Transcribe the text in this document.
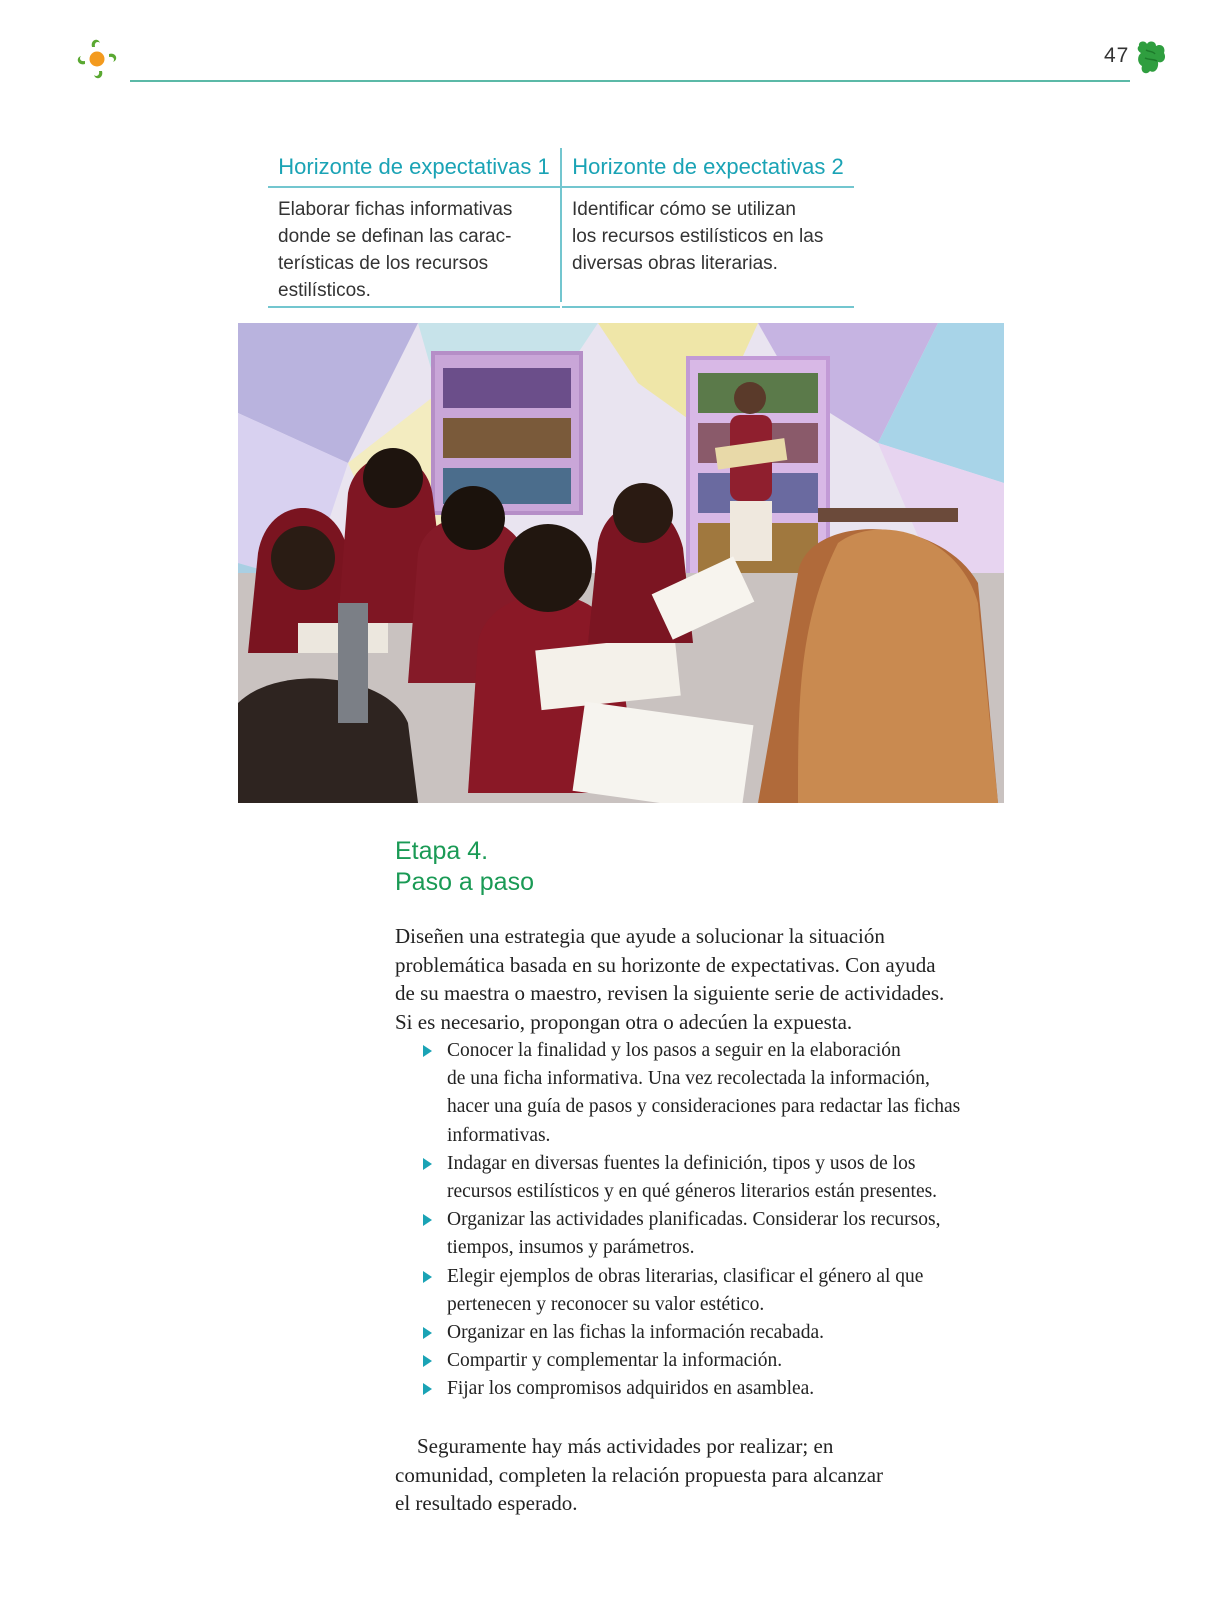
47
Horizonte de expectativas 1
Elaborar fichas informativas
donde se definan las carac-
terísticas de los recursos
estilísticos.
Horizonte de expectativas 2
Identificar cómo se utilizan
los recursos estilísticos en las
diversas obras literarias.
Etapa 4.
Paso a paso
Diseñen una estrategia que ayude a solucionar la situación
problemática basada en su horizonte de expectativas. Con ayuda
de su maestra o maestro, revisen la siguiente serie de actividades.
Si es necesario, propongan otra o adecúen la expuesta.
Conocer la finalidad y los pasos a seguir en la elaboración
de una ficha informativa. Una vez recolectada la información,
hacer una guía de pasos y consideraciones para redactar las fichas
informativas.
Indagar en diversas fuentes la definición, tipos y usos de los
recursos estilísticos y en qué géneros literarios están presentes.
Organizar las actividades planificadas. Considerar los recursos,
tiempos, insumos y parámetros.
Elegir ejemplos de obras literarias, clasificar el género al que
pertenecen y reconocer su valor estético.
Organizar en las fichas la información recabada.
Compartir y complementar la información.
Fijar los compromisos adquiridos en asamblea.
Seguramente hay más actividades por realizar; en
comunidad, completen la relación propuesta para alcanzar
el resultado esperado.
